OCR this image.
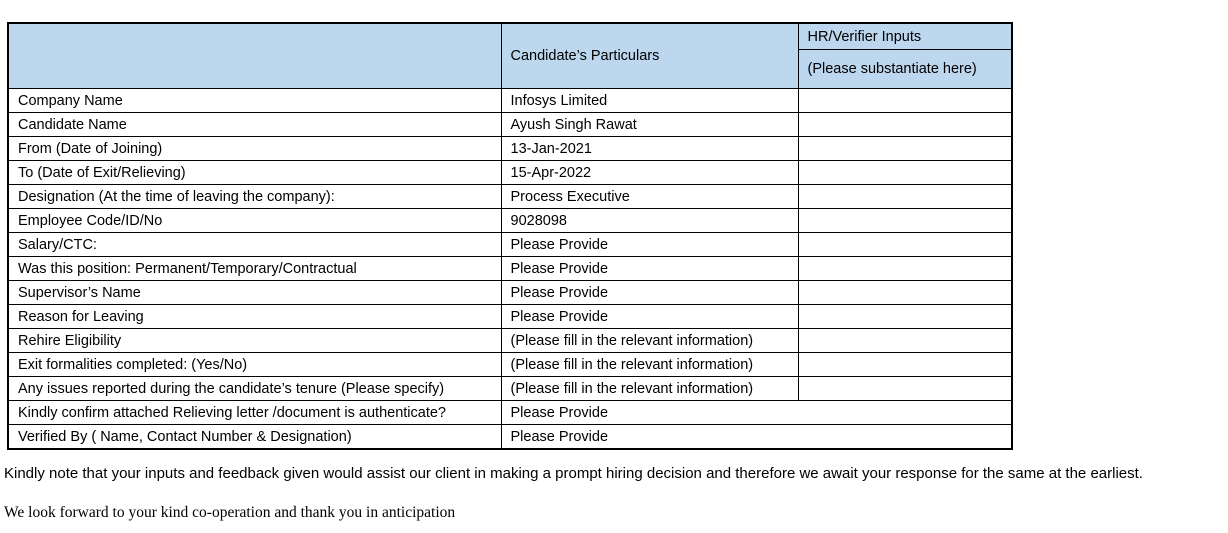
	Candidate’s Particulars	HR/Verifier Inputs
		(Please substantiate here)
Company Name	Infosys Limited	
Candidate Name	Ayush Singh Rawat	
From (Date of Joining)	13-Jan-2021	
To (Date of Exit/Relieving)	15-Apr-2022	
Designation (At the time of leaving the company):	Process Executive	
Employee Code/ID/No	9028098	
Salary/CTC:	Please Provide	
Was this position: Permanent/Temporary/Contractual	Please Provide	
Supervisor’s Name	Please Provide	
Reason for Leaving	Please Provide	
Rehire Eligibility	(Please fill in the relevant information)	
Exit formalities completed: (Yes/No)	(Please fill in the relevant information)	
Any issues reported during the candidate’s tenure (Please specify)	(Please fill in the relevant information)	
Kindly confirm attached Relieving letter /document is authenticate?	Please Provide	
Verified By ( Name, Contact Number & Designation)	Please Provide	
Kindly note that your inputs and feedback given would assist our client in making a prompt hiring decision and therefore we await your response for the same at the earliest.
We look forward to your kind co-operation and thank you in anticipation
